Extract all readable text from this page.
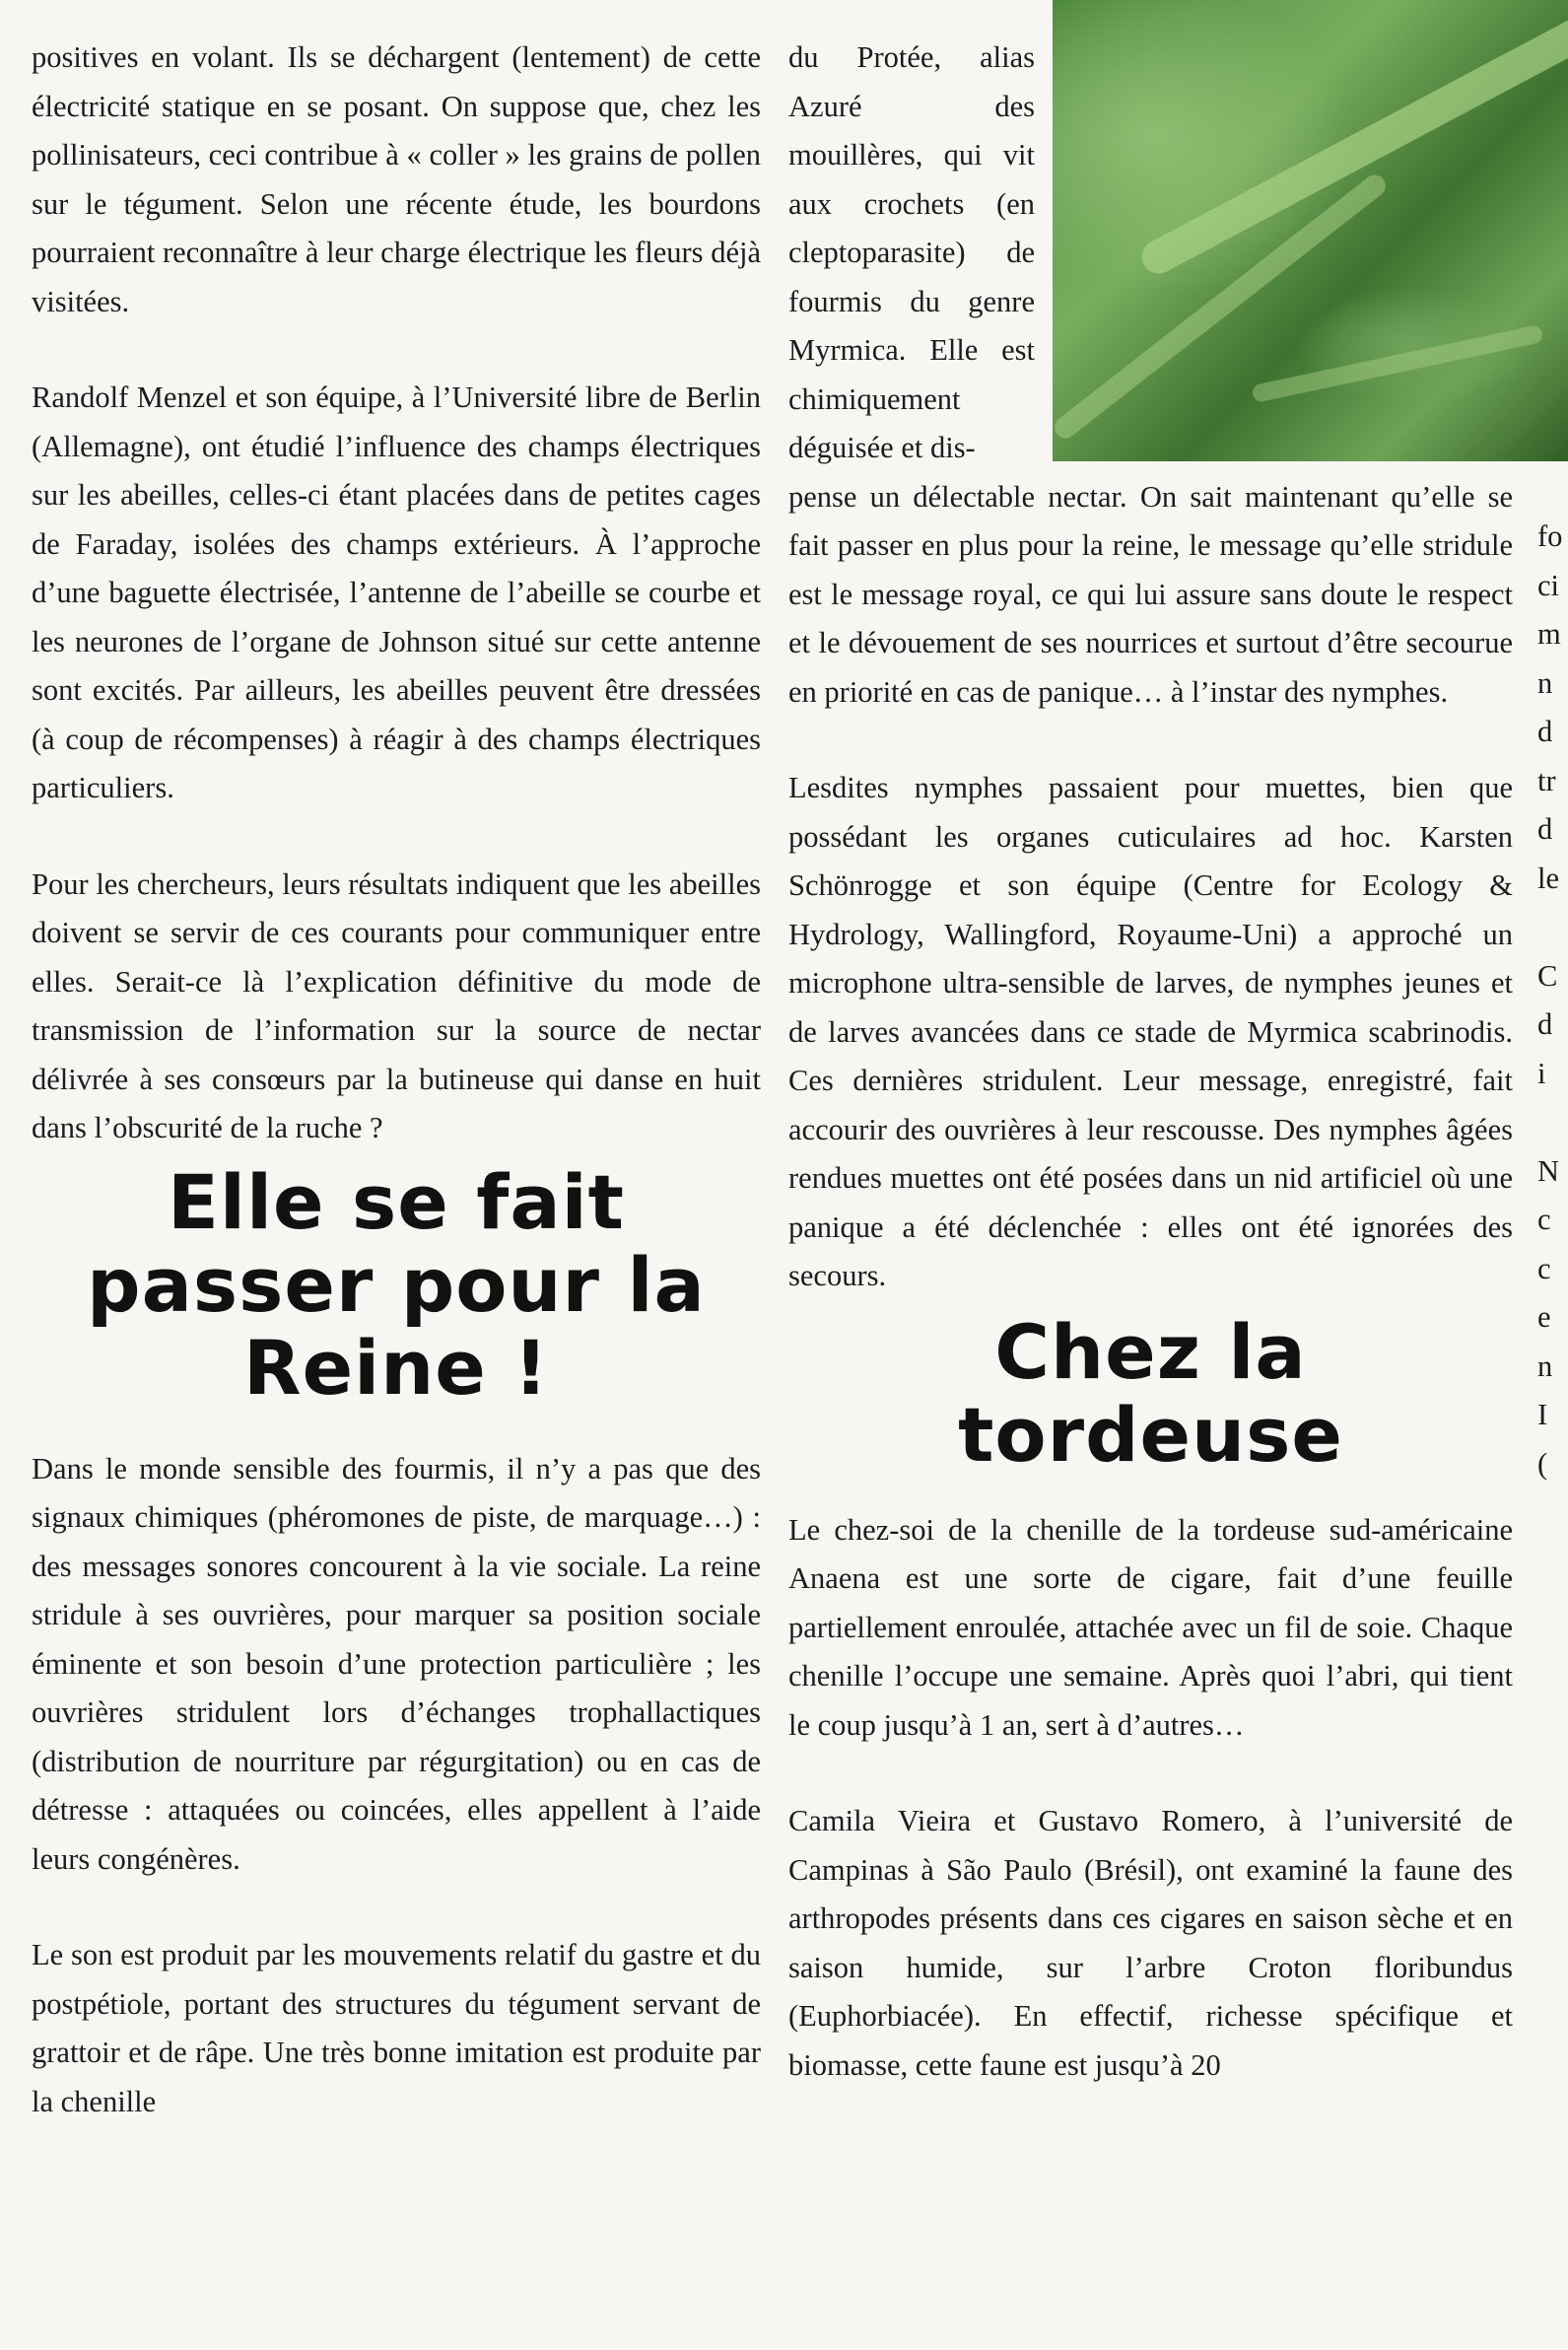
positives en volant. Ils se déchargent (lentement) de cette électricité statique en se posant. On suppose que, chez les pollinisateurs, ceci contribue à « coller » les grains de pollen sur le tégument. Selon une récente étude, les bourdons pourraient reconnaître à leur charge électrique les fleurs déjà visitées.

Randolf Menzel et son équipe, à l’Université libre de Berlin (Allemagne), ont étudié l’influence des champs électriques sur les abeilles, celles-ci étant placées dans de petites cages de Faraday, isolées des champs extérieurs. À l’approche d’une baguette électrisée, l’antenne de l’abeille se courbe et les neurones de l’organe de Johnson situé sur cette antenne sont excités. Par ailleurs, les abeilles peuvent être dressées (à coup de récompenses) à réagir à des champs électriques particuliers.

Pour les chercheurs, leurs résultats indiquent que les abeilles doivent se servir de ces courants pour communiquer entre elles. Serait-ce là l’explication définitive du mode de transmission de l’information sur la source de nectar délivrée à ses consœurs par la butineuse qui danse en huit dans l’obscurité de la ruche ?

Elle se fait passer pour la Reine !

Dans le monde sensible des fourmis, il n’y a pas que des signaux chimiques (phéromones de piste, de marquage…) : des messages sonores concourent à la vie sociale. La reine stridule à ses ouvrières, pour marquer sa position sociale éminente et son besoin d’une protection particulière ; les ouvrières stridulent lors d’échanges trophallactiques (distribution de nourriture par régurgitation) ou en cas de détresse : attaquées ou coincées, elles appellent à l’aide leurs congénères.

Le son est produit par les mouvements relatif du gastre et du postpétiole, portant des structures du tégument servant de grattoir et de râpe. Une très bonne imitation est produite par la chenille

du Protée, alias Azuré des mouillères, qui vit aux crochets (en cleptoparasite) de fourmis du genre Myrmica. Elle est chimiquement déguisée et dis-

pense un délectable nectar. On sait maintenant qu’elle se fait passer en plus pour la reine, le message qu’elle stridule est le message royal, ce qui lui assure sans doute le respect et le dévouement de ses nourrices et surtout d’être secourue en priorité en cas de panique… à l’instar des nymphes.

Lesdites nymphes passaient pour muettes, bien que possédant les organes cuticulaires ad hoc. Karsten Schönrogge et son équipe (Centre for Ecology & Hydrology, Wallingford, Royaume-Uni) a approché un microphone ultra-sensible de larves, de nymphes jeunes et de larves avancées dans ce stade de Myrmica scabrinodis. Ces dernières stridulent. Leur message, enregistré, fait accourir des ouvrières à leur rescousse. Des nymphes âgées rendues muettes ont été posées dans un nid artificiel où une panique a été déclenchée : elles ont été ignorées des secours.

Chez la tordeuse

Le chez-soi de la chenille de la tordeuse sud-américaine Anaena est une sorte de cigare, fait d’une feuille partiellement enroulée, attachée avec un fil de soie. Chaque chenille l’occupe une semaine. Après quoi l’abri, qui tient le coup jusqu’à 1 an, sert à d’autres…

Camila Vieira et Gustavo Romero, à l’université de Campinas à São Paulo (Brésil), ont examiné la faune des arthropodes présents dans ces cigares en saison sèche et en saison humide, sur l’arbre Croton floribundus (Euphorbiacée). En effectif, richesse spécifique et biomasse, cette faune est jusqu’à 20

fo
ci
m
n
d
tr
d
le
C
d
i
N
c
c
e
n
I
(
